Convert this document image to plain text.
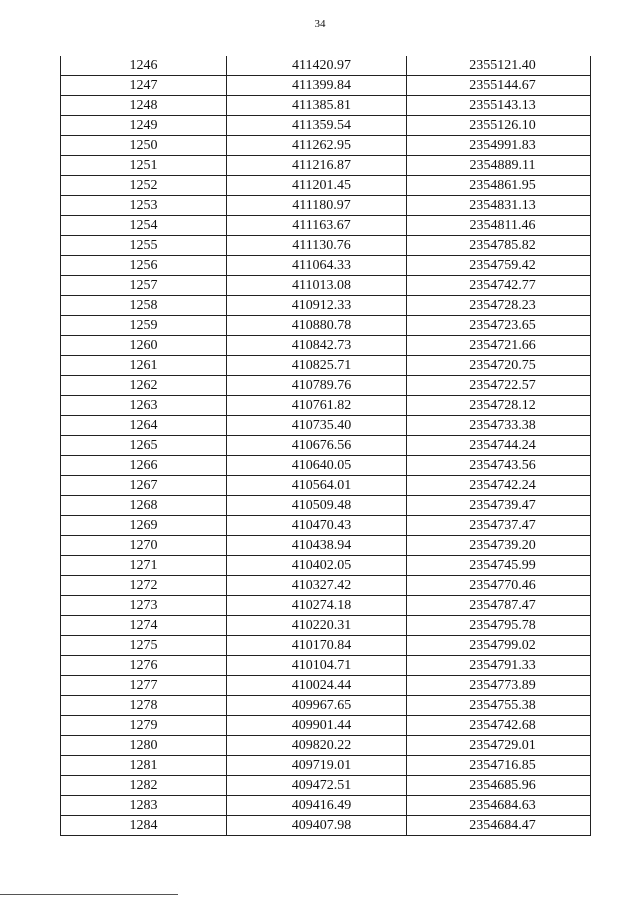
34
1246	411420.97	2355121.40
1247	411399.84	2355144.67
1248	411385.81	2355143.13
1249	411359.54	2355126.10
1250	411262.95	2354991.83
1251	411216.87	2354889.11
1252	411201.45	2354861.95
1253	411180.97	2354831.13
1254	411163.67	2354811.46
1255	411130.76	2354785.82
1256	411064.33	2354759.42
1257	411013.08	2354742.77
1258	410912.33	2354728.23
1259	410880.78	2354723.65
1260	410842.73	2354721.66
1261	410825.71	2354720.75
1262	410789.76	2354722.57
1263	410761.82	2354728.12
1264	410735.40	2354733.38
1265	410676.56	2354744.24
1266	410640.05	2354743.56
1267	410564.01	2354742.24
1268	410509.48	2354739.47
1269	410470.43	2354737.47
1270	410438.94	2354739.20
1271	410402.05	2354745.99
1272	410327.42	2354770.46
1273	410274.18	2354787.47
1274	410220.31	2354795.78
1275	410170.84	2354799.02
1276	410104.71	2354791.33
1277	410024.44	2354773.89
1278	409967.65	2354755.38
1279	409901.44	2354742.68
1280	409820.22	2354729.01
1281	409719.01	2354716.85
1282	409472.51	2354685.96
1283	409416.49	2354684.63
1284	409407.98	2354684.47
